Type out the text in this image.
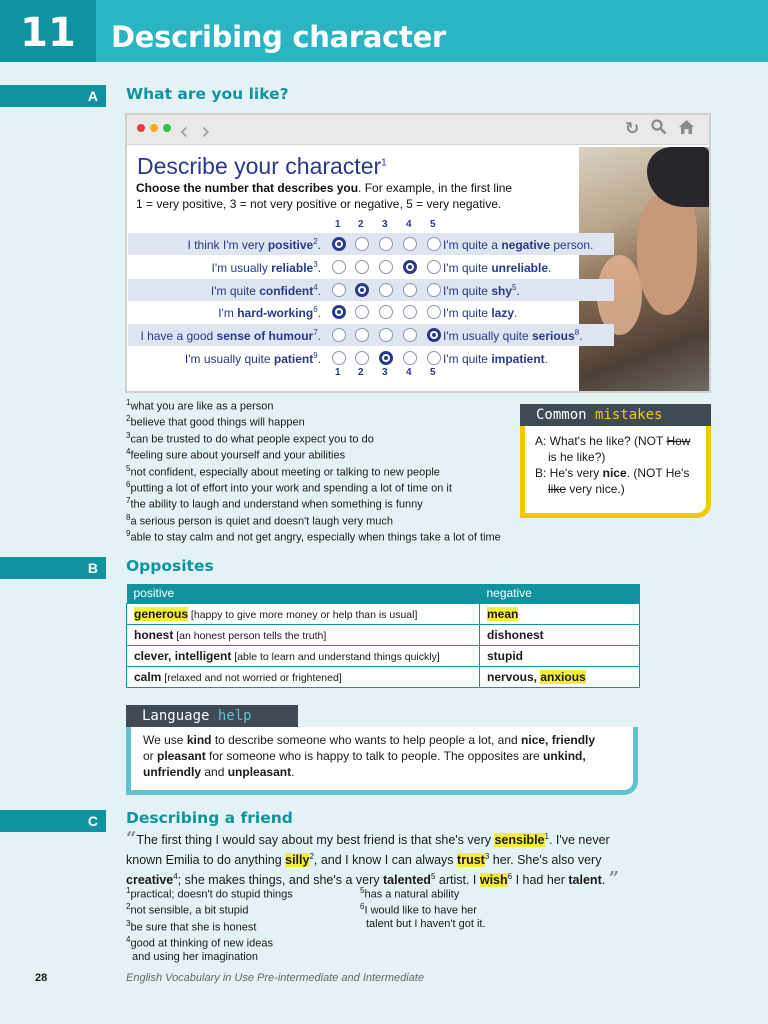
11	Describing character
A	What are you like?
‹ ›	↻
Describe your character$^1$
Choose the number that describes you. For example, in the first line
1 = very positive, 3 = not very positive or negative, 5 = very negative.
1
1
2
2
3
3
4
4
5
5
I think I'm very positive$^2$.	I'm quite a negative person.
I'm usually reliable$^3$.	I'm quite unreliable.
I'm quite confident$^4$.	I'm quite shy$^5$.
I'm hard-working$^6$.	I'm quite lazy.
I have a good sense of humour$^7$.	I'm usually quite serious$^8$.
I'm usually quite patient$^9$.	I'm quite impatient.
$^1$what you are like as a person
$^2$believe that good things will happen
$^3$can be trusted to do what people expect you to do
$^4$feeling sure about yourself and your abilities
$^5$not confident, especially about meeting or talking to new people
$^6$putting a lot of effort into your work and spending a lot of time on it
$^7$the ability to laugh and understand when something is funny
$^8$a serious person is quiet and doesn't laugh very much
$^9$able to stay calm and not get angry, especially when things take a lot of time
Common mistakes
A: What's he like? (NOT How
is he like?)
B: He's very nice. (NOT He's
like very nice.)
B	Opposites
positive	negative
generous [happy to give more money or help than is usual]	mean
honest [an honest person tells the truth]	dishonest
clever, intelligent [able to learn and understand things quickly]	stupid
calm [relaxed and not worried or frightened]	nervous, anxious
Language help
We use kind to describe someone who wants to help people a lot, and nice, friendly
or pleasant for someone who is happy to talk to people. The opposites are unkind,
unfriendly and unpleasant.
C	Describing a friend
“The first thing I would say about my best friend is that she's very sensible$^1$. I've never
known Emilia to do anything silly$^2$, and I know I can always trust$^3$ her. She's also very
creative$^4$; she makes things, and she's a very talented$^5$ artist. I wish$^6$ I had her talent. ”
$^1$practical; doesn't do stupid things
$^2$not sensible, a bit stupid
$^3$be sure that she is honest
$^4$good at thinking of new ideas
and using her imagination
$^5$has a natural ability
$^6$I would like to have her
talent but I haven't got it.
28	English Vocabulary in Use Pre-intermediate and Intermediate
